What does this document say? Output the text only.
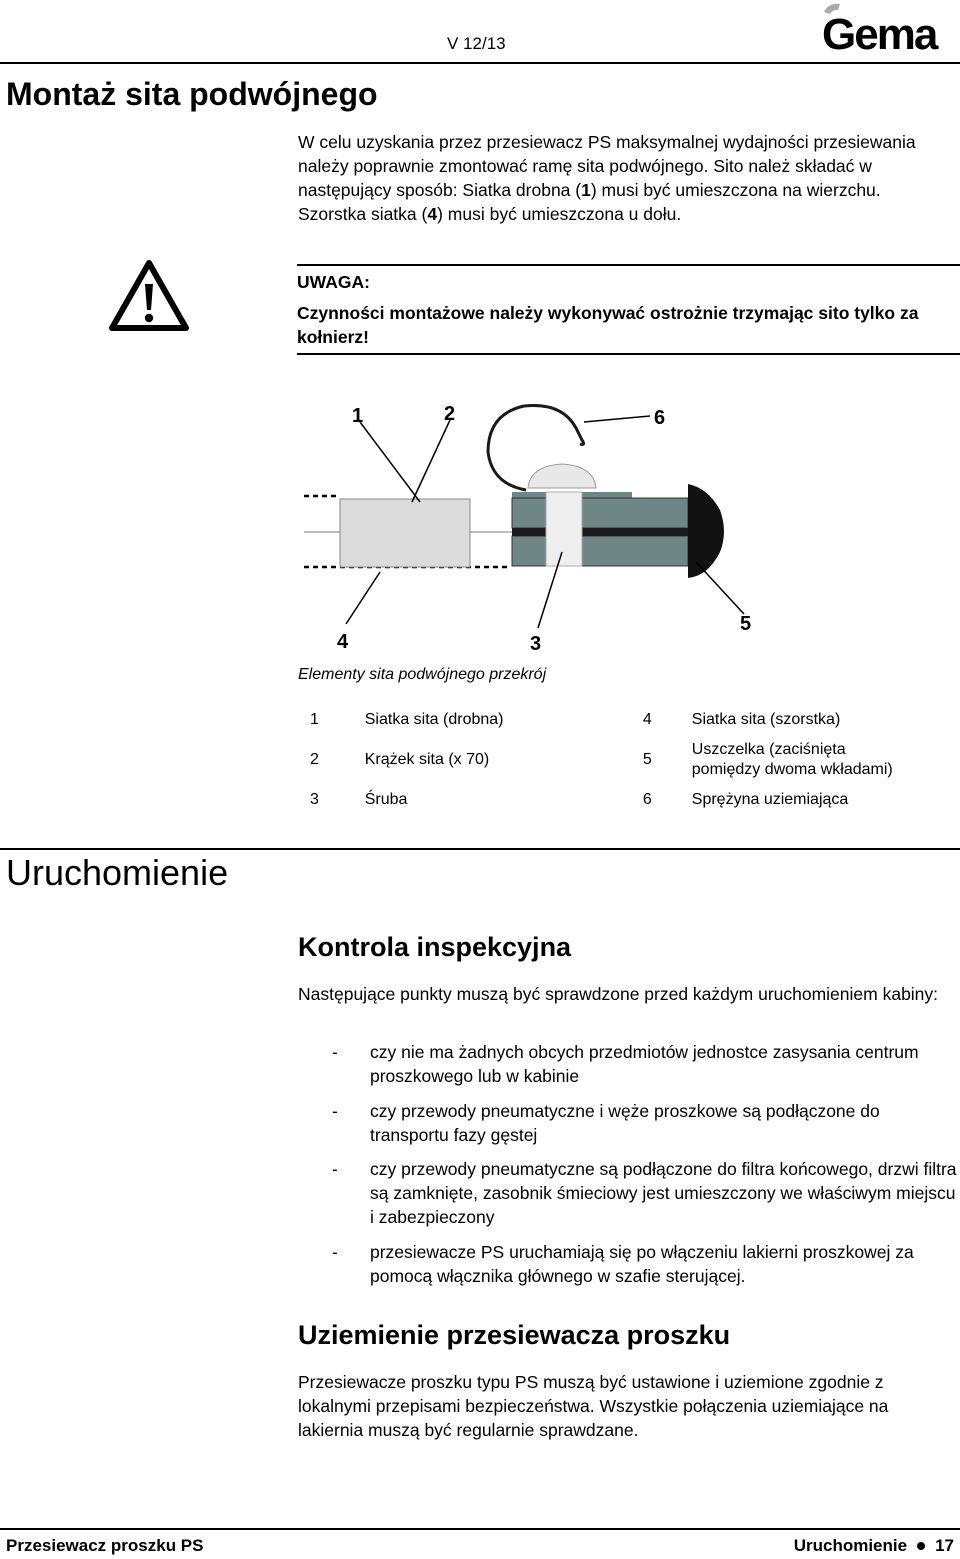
V 12/13	Gema
Montaż sita podwójnego
W celu uzyskania przez przesiewacz PS maksymalnej wydajności przesiewania należy poprawnie zmontować ramę sita podwójnego. Sito należ składać w następujący sposób: Siatka drobna (1) musi być umieszczona na wierzchu. Szorstka siatka (4) musi być umieszczona u dołu.
UWAGA:
Czynności montażowe należy wykonywać ostrożnie trzymając sito tylko za kołnierz!
1	2	6
4	3
5
Elementy sita podwójnego przekrój
1	Siatka sita (drobna)	4	Siatka sita (szorstka)
2	Krążek sita (x 70)	5	Uszczelka (zaciśnięta pomiędzy dwoma wkładami)
3	Śruba	6	Sprężyna uziemiająca
Uruchomienie
Kontrola inspekcyjna
Następujące punkty muszą być sprawdzone przed każdym uruchomieniem kabiny:
- czy nie ma żadnych obcych przedmiotów jednostce zasysania centrum proszkowego lub w kabinie
- czy przewody pneumatyczne i węże proszkowe są podłączone do transportu fazy gęstej
- czy przewody pneumatyczne są podłączone do filtra końcowego, drzwi filtra są zamknięte, zasobnik śmieciowy jest umieszczony we właściwym miejscu i zabezpieczony
- przesiewacze PS uruchamiają się po włączeniu lakierni proszkowej za pomocą włącznika głównego w szafie sterującej.
Uziemienie przesiewacza proszku
Przesiewacze proszku typu PS muszą być ustawione i uziemione zgodnie z lokalnymi przepisami bezpieczeństwa. Wszystkie połączenia uziemiające na lakiernia muszą być regularnie sprawdzane.
Przesiewacz proszku PS	Uruchomienie 17
